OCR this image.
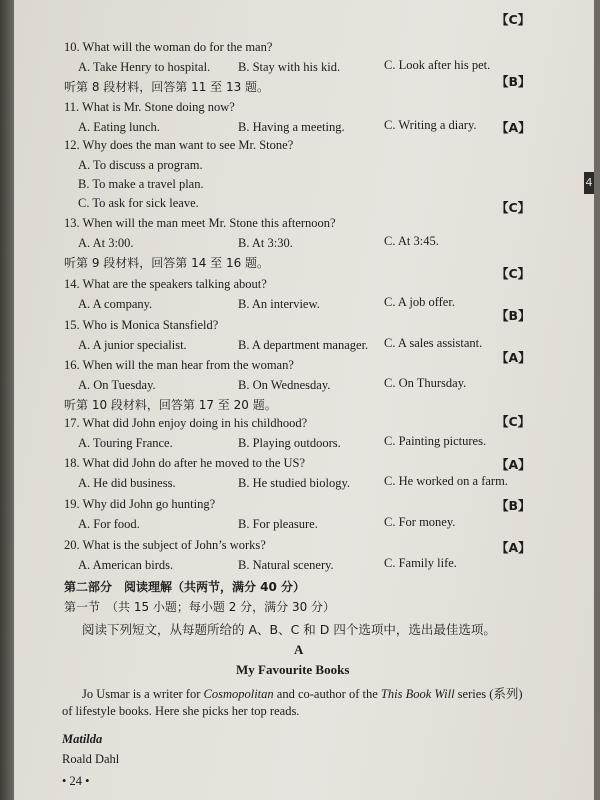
4
【C】
10. What will the woman do for the man?
A. Take Henry to hospital. B. Stay with his kid.	C. Look after his pet.
【B】
11. What is Mr. Stone doing now?
A. Eating lunch.	B. Having a meeting.	C. Writing a diary. 【A】
12. Why does the man want to see Mr. Stone?
A. To discuss a program.
B. To make a travel plan.
C. To ask for sick leave.	【C】
13. When will the man meet Mr. Stone this afternoon?
A. At 3:00.	B. At 3:30.	C. At 3:45.
【C】
14. What are the speakers talking about?
A. A company.	B. An interview.	C. A job offer.
【B】
15. Who is Monica Stansfield?
A. A junior specialist.	B. A department manager. C. A sales assistant.
【A】
16. When will the man hear from the woman?
A. On Tuesday.	B. On Wednesday.	C. On Thursday.
【C】
17. What did John enjoy doing in his childhood?
A. Touring France.	B. Playing outdoors.	C. Painting pictures.
【A】
18. What did John do after he moved to the US?
A. He did business.	B. He studied biology.	C. He worked on a farm.
【B】
19. Why did John go hunting?
A. For food.	B. For pleasure.	C. For money.
【A】
20. What is the subject of John’s works?
A. American birds.	B. Natural scenery.	C. Family life.
听第 8 段材料，回答第 11 至 13 题。
听第 9 段材料，回答第 14 至 16 题。
听第 10 段材料，回答第 17 至 20 题。
第二部分　阅读理解（共两节，满分 40 分）
第一节　（共 15 小题；每小题 2 分，满分 30 分）
阅读下列短文，从每题所给的 A、B、C 和 D 四个选项中，选出最佳选项。
A
My Favourite Books
Jo Usmar is a writer for Cosmopolitan and co-author of the This Book Will series (系列)
of lifestyle books. Here she picks her top reads.
Matilda
Roald Dahl
• 24 •
